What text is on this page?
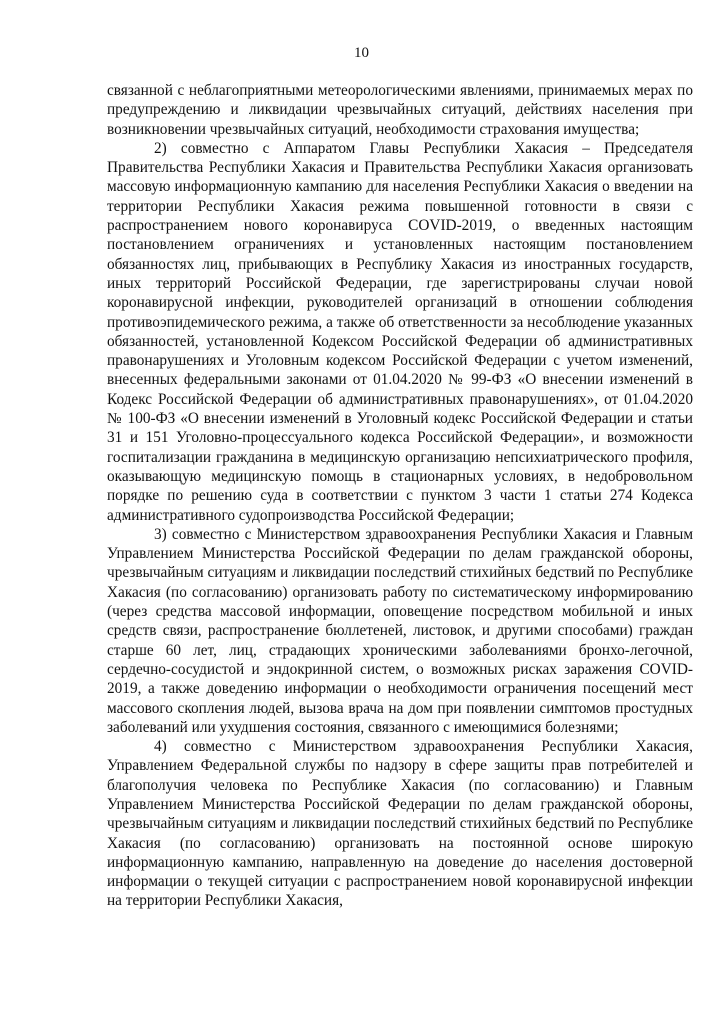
10

связанной с неблагоприятными метеорологическими явлениями, принимаемых мерах по предупреждению и ликвидации чрезвычайных ситуаций, действиях населения при возникновении чрезвычайных ситуаций, необходимости страхования имущества;

2) совместно с Аппаратом Главы Республики Хакасия – Председателя Правительства Республики Хакасия и Правительства Республики Хакасия организовать массовую информационную кампанию для населения Республики Хакасия о введении на территории Республики Хакасия режима повышенной готовности в связи с распространением нового коронавируса COVID-2019, о введенных настоящим постановлением ограничениях и установленных настоящим постановлением обязанностях лиц, прибывающих в Республику Хакасия из иностранных государств, иных территорий Российской Федерации, где зарегистрированы случаи новой коронавирусной инфекции, руководителей организаций в отношении соблюдения противоэпидемического режима, а также об ответственности за несоблюдение указанных обязанностей, установленной Кодексом Российской Федерации об административных правонарушениях и Уголовным кодексом Российской Федерации с учетом изменений, внесенных федеральными законами от 01.04.2020 № 99-ФЗ «О внесении изменений в Кодекс Российской Федерации об административных правонарушениях», от 01.04.2020 № 100-ФЗ «О внесении изменений в Уголовный кодекс Российской Федерации и статьи 31 и 151 Уголовно-процессуального кодекса Российской Федерации», и возможности госпитализации гражданина в медицинскую организацию непсихиатрического профиля, оказывающую медицинскую помощь в стационарных условиях, в недобровольном порядке по решению суда в соответствии с пунктом 3 части 1 статьи 274 Кодекса административного судопроизводства Российской Федерации;

3) совместно с Министерством здравоохранения Республики Хакасия и Главным Управлением Министерства Российской Федерации по делам гражданской обороны, чрезвычайным ситуациям и ликвидации последствий стихийных бедствий по Республике Хакасия (по согласованию) организовать работу по систематическому информированию (через средства массовой информации, оповещение посредством мобильной и иных средств связи, распространение бюллетеней, листовок, и другими способами) граждан старше 60 лет, лиц, страдающих хроническими заболеваниями бронхо-легочной, сердечно-сосудистой и эндокринной систем, о возможных рисках заражения COVID-2019, а также доведению информации о необходимости ограничения посещений мест массового скопления людей, вызова врача на дом при появлении симптомов простудных заболеваний или ухудшения состояния, связанного с имеющимися болезнями;

4) совместно с Министерством здравоохранения Республики Хакасия, Управлением Федеральной службы по надзору в сфере защиты прав потребителей и благополучия человека по Республике Хакасия (по согласованию) и Главным Управлением Министерства Российской Федерации по делам гражданской обороны, чрезвычайным ситуациям и ликвидации последствий стихийных бедствий по Республике Хакасия (по согласованию) организовать на постоянной основе широкую информационную кампанию, направленную на доведение до населения достоверной информации о текущей ситуации с распространением новой коронавирусной инфекции на территории Республики Хакасия,
